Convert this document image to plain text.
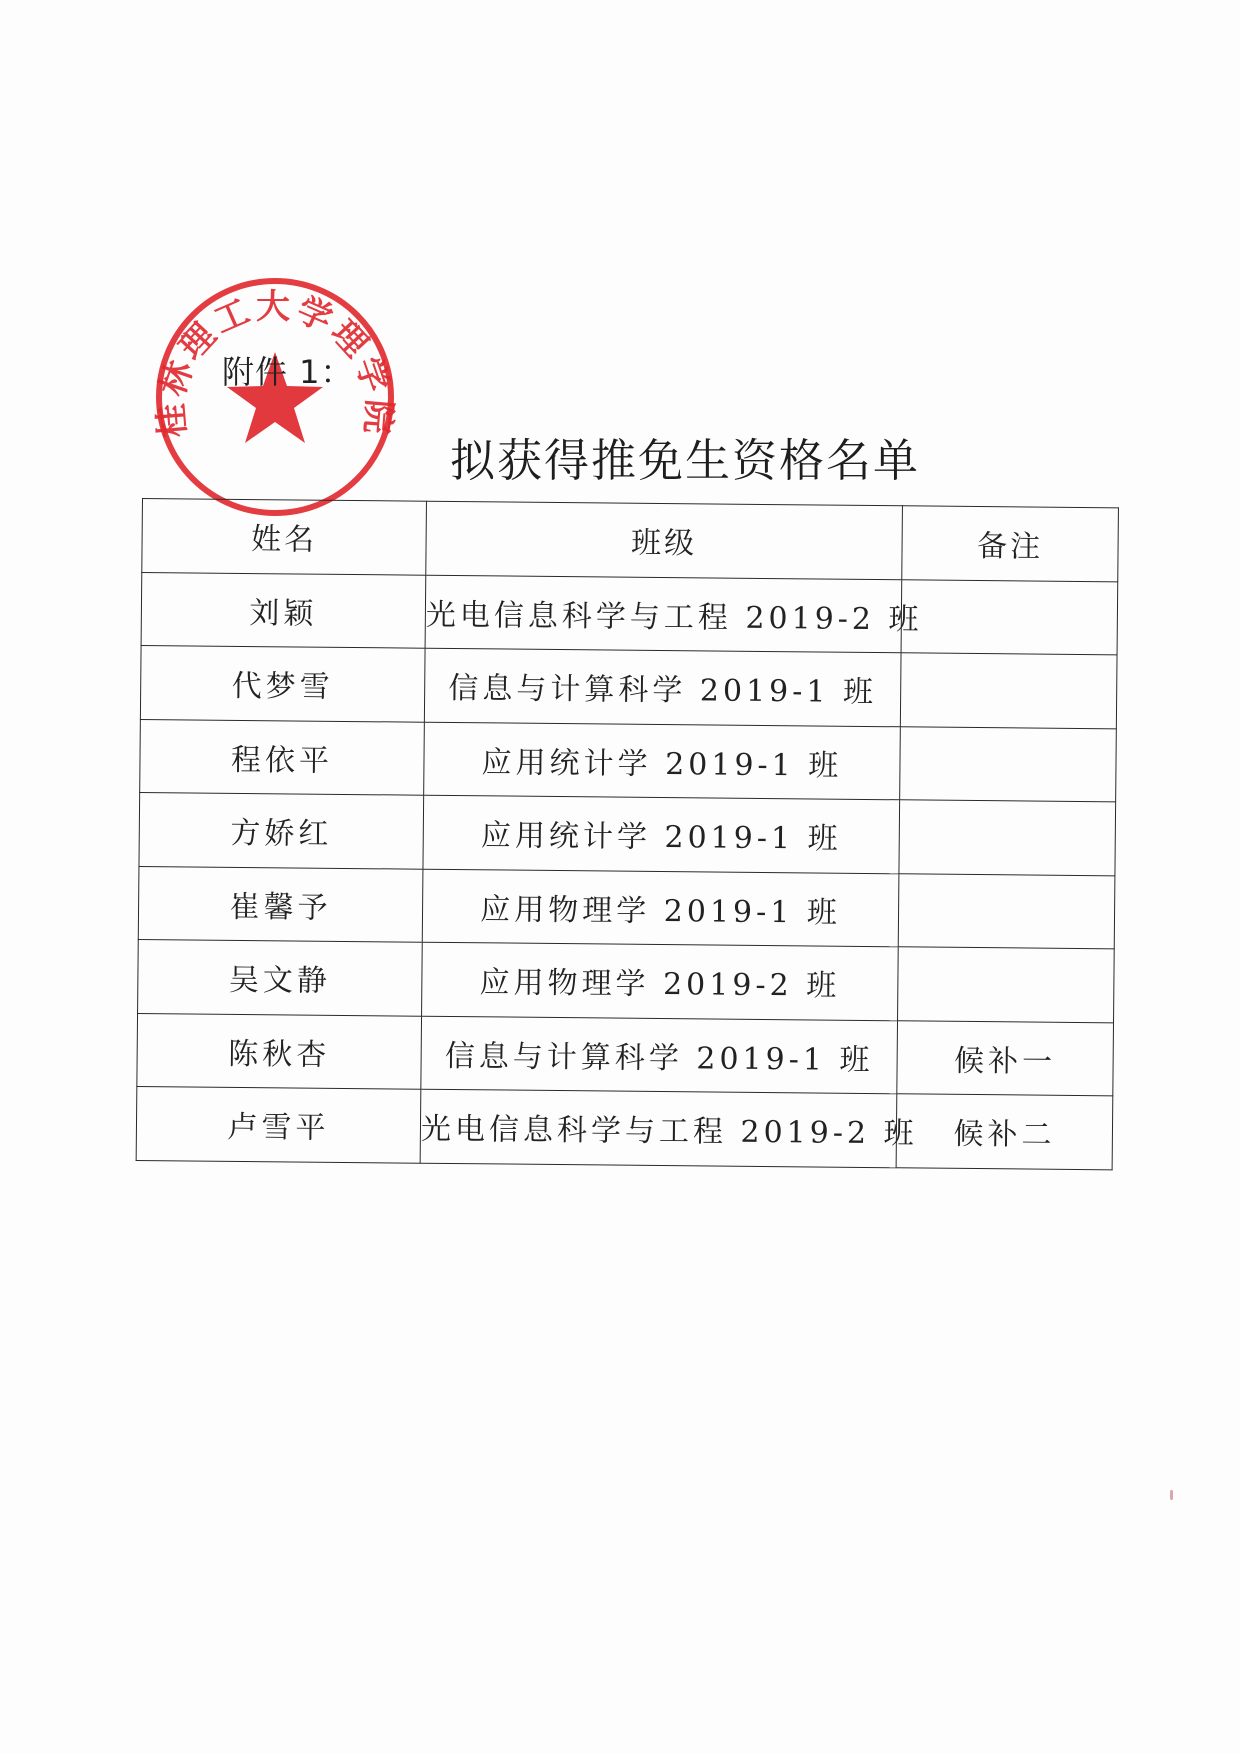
桂林理工大学理学院
附件 1：
拟获得推免生资格名单
姓名	班级	备注
刘颖	光电信息科学与工程 2019-2 班	
代梦雪	信息与计算科学 2019-1 班	
程依平	应用统计学 2019-1 班	
方娇红	应用统计学 2019-1 班	
崔馨予	应用物理学 2019-1 班	
吴文静	应用物理学 2019-2 班	
陈秋杏	信息与计算科学 2019-1 班	候补一
卢雪平	光电信息科学与工程 2019-2 班	候补二
